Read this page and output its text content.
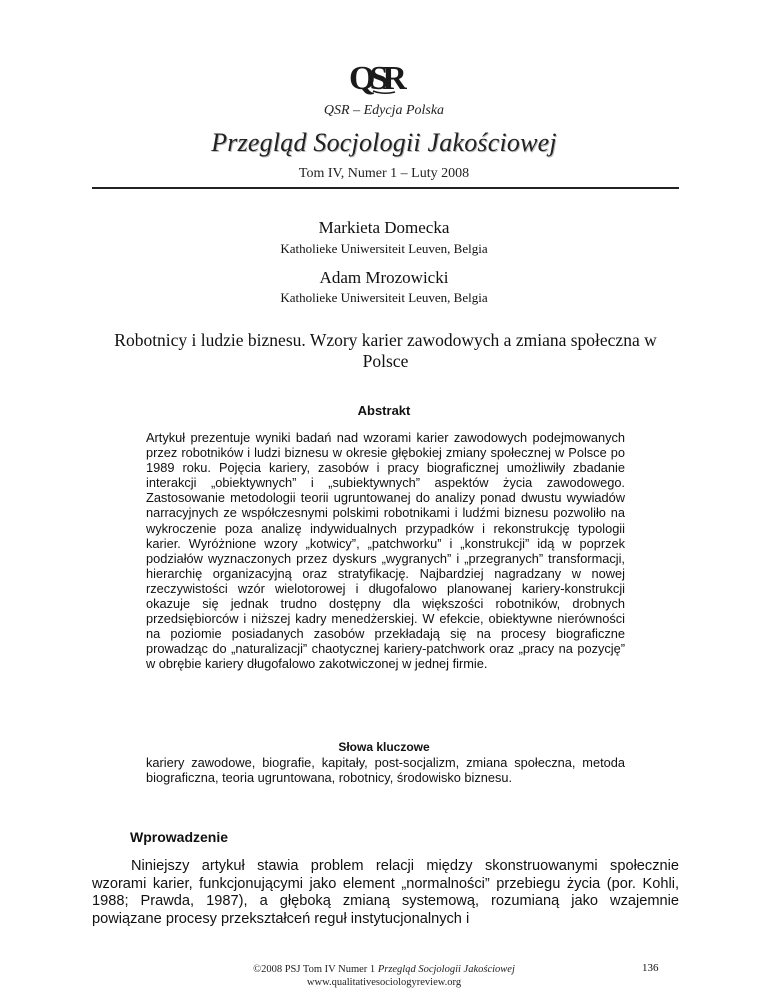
QSR
QSR – Edycja Polska
Przegląd Socjologii Jakościowej
Tom IV, Numer 1 – Luty 2008
Markieta Domecka
Katholieke Uniwersiteit Leuven, Belgia
Adam Mrozowicki
Katholieke Uniwersiteit Leuven, Belgia
Robotnicy i ludzie biznesu. Wzory karier zawodowych a zmiana społeczna w Polsce
Abstrakt
Artykuł prezentuje wyniki badań nad wzorami karier zawodowych podejmowanych przez robotników i ludzi biznesu w okresie głębokiej zmiany społecznej w Polsce po 1989 roku. Pojęcia kariery, zasobów i pracy biograficznej umożliwiły zbadanie interakcji „obiektywnych” i „subiektywnych” aspektów życia zawodowego. Zastosowanie metodologii teorii ugruntowanej do analizy ponad dwustu wywiadów narracyjnych ze współczesnymi polskimi robotnikami i ludźmi biznesu pozwoliło na wykroczenie poza analizę indywidualnych przypadków i rekonstrukcję typologii karier. Wyróżnione wzory „kotwicy”, „patchworku” i „konstrukcji” idą w poprzek podziałów wyznaczonych przez dyskurs „wygranych” i „przegranych” transformacji, hierarchię organizacyjną oraz stratyfikację. Najbardziej nagradzany w nowej rzeczywistości wzór wielotorowej i długofalowo planowanej kariery-konstrukcji okazuje się jednak trudno dostępny dla większości robotników, drobnych przedsiębiorców i niższej kadry menedżerskiej. W efekcie, obiektywne nierówności na poziomie posiadanych zasobów przekładają się na procesy biograficzne prowadząc do „naturalizacji” chaotycznej kariery-patchwork oraz „pracy na pozycję” w obrębie kariery długofalowo zakotwiczonej w jednej firmie.
Słowa kluczowe
kariery zawodowe, biografie, kapitały, post-socjalizm, zmiana społeczna, metoda biograficzna, teoria ugruntowana, robotnicy, środowisko biznesu.
Wprowadzenie
Niniejszy artykuł stawia problem relacji między skonstruowanymi społecznie wzorami karier, funkcjonującymi jako element „normalności” przebiegu życia (por. Kohli, 1988; Prawda, 1987), a głęboką zmianą systemową, rozumianą jako wzajemnie powiązane procesy przekształceń reguł instytucjonalnych i
©2008 PSJ Tom IV Numer 1 Przegląd Socjologii Jakościowej
www.qualitativesociologyreview.org
136
